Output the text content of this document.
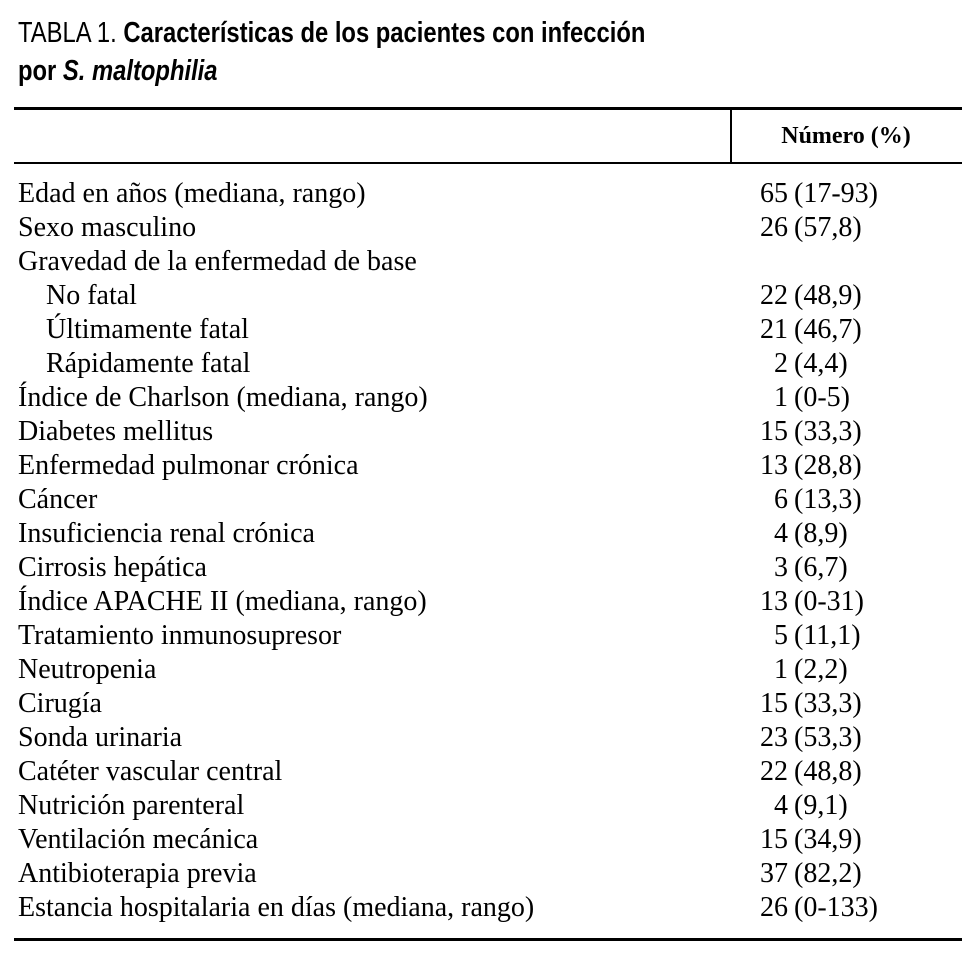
TABLA 1. Características de los pacientes con infección
por S. maltophilia
Número (%)
Edad en años (mediana, rango)	65 (17-93)
Sexo masculino	26 (57,8)
Gravedad de la enfermedad de base
No fatal	22 (48,9)
Últimamente fatal	21 (46,7)
Rápidamente fatal	2 (4,4)
Índice de Charlson (mediana, rango)	1 (0-5)
Diabetes mellitus	15 (33,3)
Enfermedad pulmonar crónica	13 (28,8)
Cáncer	6 (13,3)
Insuficiencia renal crónica	4 (8,9)
Cirrosis hepática	3 (6,7)
Índice APACHE II (mediana, rango)	13 (0-31)
Tratamiento inmunosupresor	5 (11,1)
Neutropenia	1 (2,2)
Cirugía	15 (33,3)
Sonda urinaria	23 (53,3)
Catéter vascular central	22 (48,8)
Nutrición parenteral	4 (9,1)
Ventilación mecánica	15 (34,9)
Antibioterapia previa	37 (82,2)
Estancia hospitalaria en días (mediana, rango)	26 (0-133)
